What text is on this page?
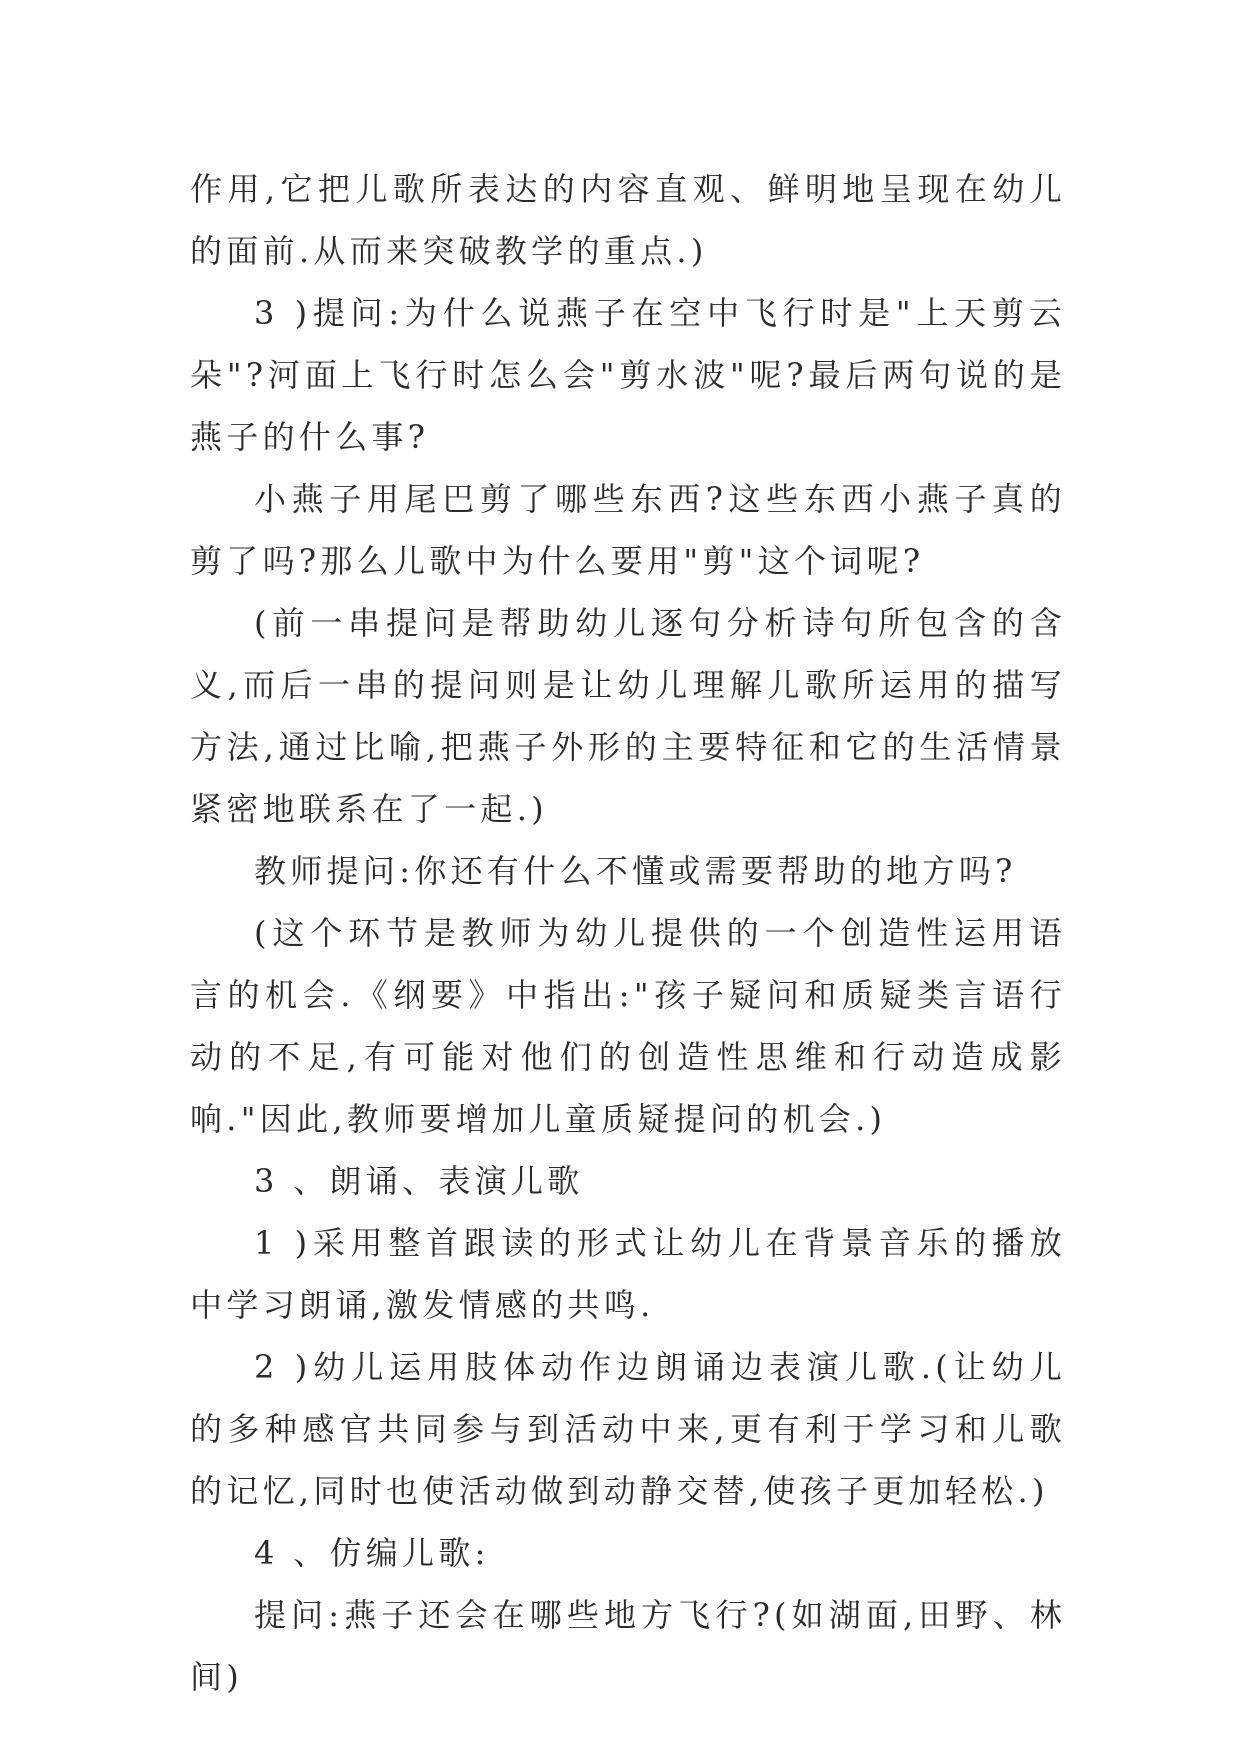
作用,它把儿歌所表达的内容直观、鲜明地呈现在幼儿的面前.从而来突破教学的重点.)

3 )提问:为什么说燕子在空中飞行时是"上天剪云朵"?河面上飞行时怎么会"剪水波"呢?最后两句说的是燕子的什么事?

小燕子用尾巴剪了哪些东西?这些东西小燕子真的剪了吗?那么儿歌中为什么要用"剪"这个词呢?

(前一串提问是帮助幼儿逐句分析诗句所包含的含义,而后一串的提问则是让幼儿理解儿歌所运用的描写方法,通过比喻,把燕子外形的主要特征和它的生活情景紧密地联系在了一起.)

教师提问:你还有什么不懂或需要帮助的地方吗?

(这个环节是教师为幼儿提供的一个创造性运用语言的机会.《纲要》中指出:"孩子疑问和质疑类言语行动的不足,有可能对他们的创造性思维和行动造成影响."因此,教师要增加儿童质疑提问的机会.)

3 、朗诵、表演儿歌

1 )采用整首跟读的形式让幼儿在背景音乐的播放中学习朗诵,激发情感的共鸣.

2 )幼儿运用肢体动作边朗诵边表演儿歌.(让幼儿的多种感官共同参与到活动中来,更有利于学习和儿歌的记忆,同时也使活动做到动静交替,使孩子更加轻松.)

4 、仿编儿歌:

提问:燕子还会在哪些地方飞行?(如湖面,田野、林间)
